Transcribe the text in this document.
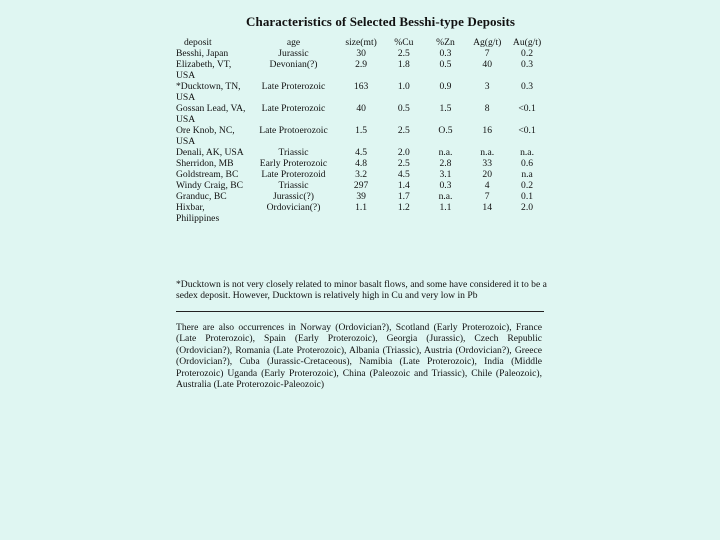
Characteristics of Selected Besshi-type Deposits
deposit	age	size(mt)	%Cu	%Zn	Ag(g/t)	Au(g/t)
Besshi, Japan	Jurassic	30	2.5	0.3	7	0.2
Elizabeth, VT, USA	Devonian(?)	2.9	1.8	0.5	40	0.3
*Ducktown, TN, USA	Late Proterozoic	163	1.0	0.9	3	0.3
Gossan Lead, VA, USA	Late Proterozoic	40	0.5	1.5	8	<0.1
Ore Knob, NC, USA	Late Protoerozoic	1.5	2.5	O.5	16	<0.1
Denali, AK, USA	Triassic	4.5	2.0	n.a.	n.a.	n.a.
Sherridon, MB	Early Proterozoic	4.8	2.5	2.8	33	0.6
Goldstream, BC	Late Proterozoid	3.2	4.5	3.1	20	n.a
Windy Craig, BC	Triassic	297	1.4	0.3	4	0.2
Granduc, BC	Jurassic(?)	39	1.7	n.a.	7	0.1
Hixbar, Philippines	Ordovician(?)	1.1	1.2	1.1	14	2.0
*Ducktown is not very closely related to minor basalt flows, and some have considered it to be a sedex deposit. However, Ducktown is relatively high in Cu and very low in Pb
There are also occurrences in Norway (Ordovician?), Scotland (Early Proterozoic), France (Late Proterozoic), Spain (Early Proterozoic), Georgia (Jurassic), Czech Republic (Ordovician?), Romania (Late Proterozoic), Albania (Triassic), Austria (Ordovician?), Greece (Ordovician?), Cuba (Jurassic-Cretaceous), Namibia (Late Proterozoic), India (Middle Proterozoic) Uganda (Early Proterozoic), China (Paleozoic and Triassic), Chile (Paleozoic), Australia (Late Proterozoic-Paleozoic)
